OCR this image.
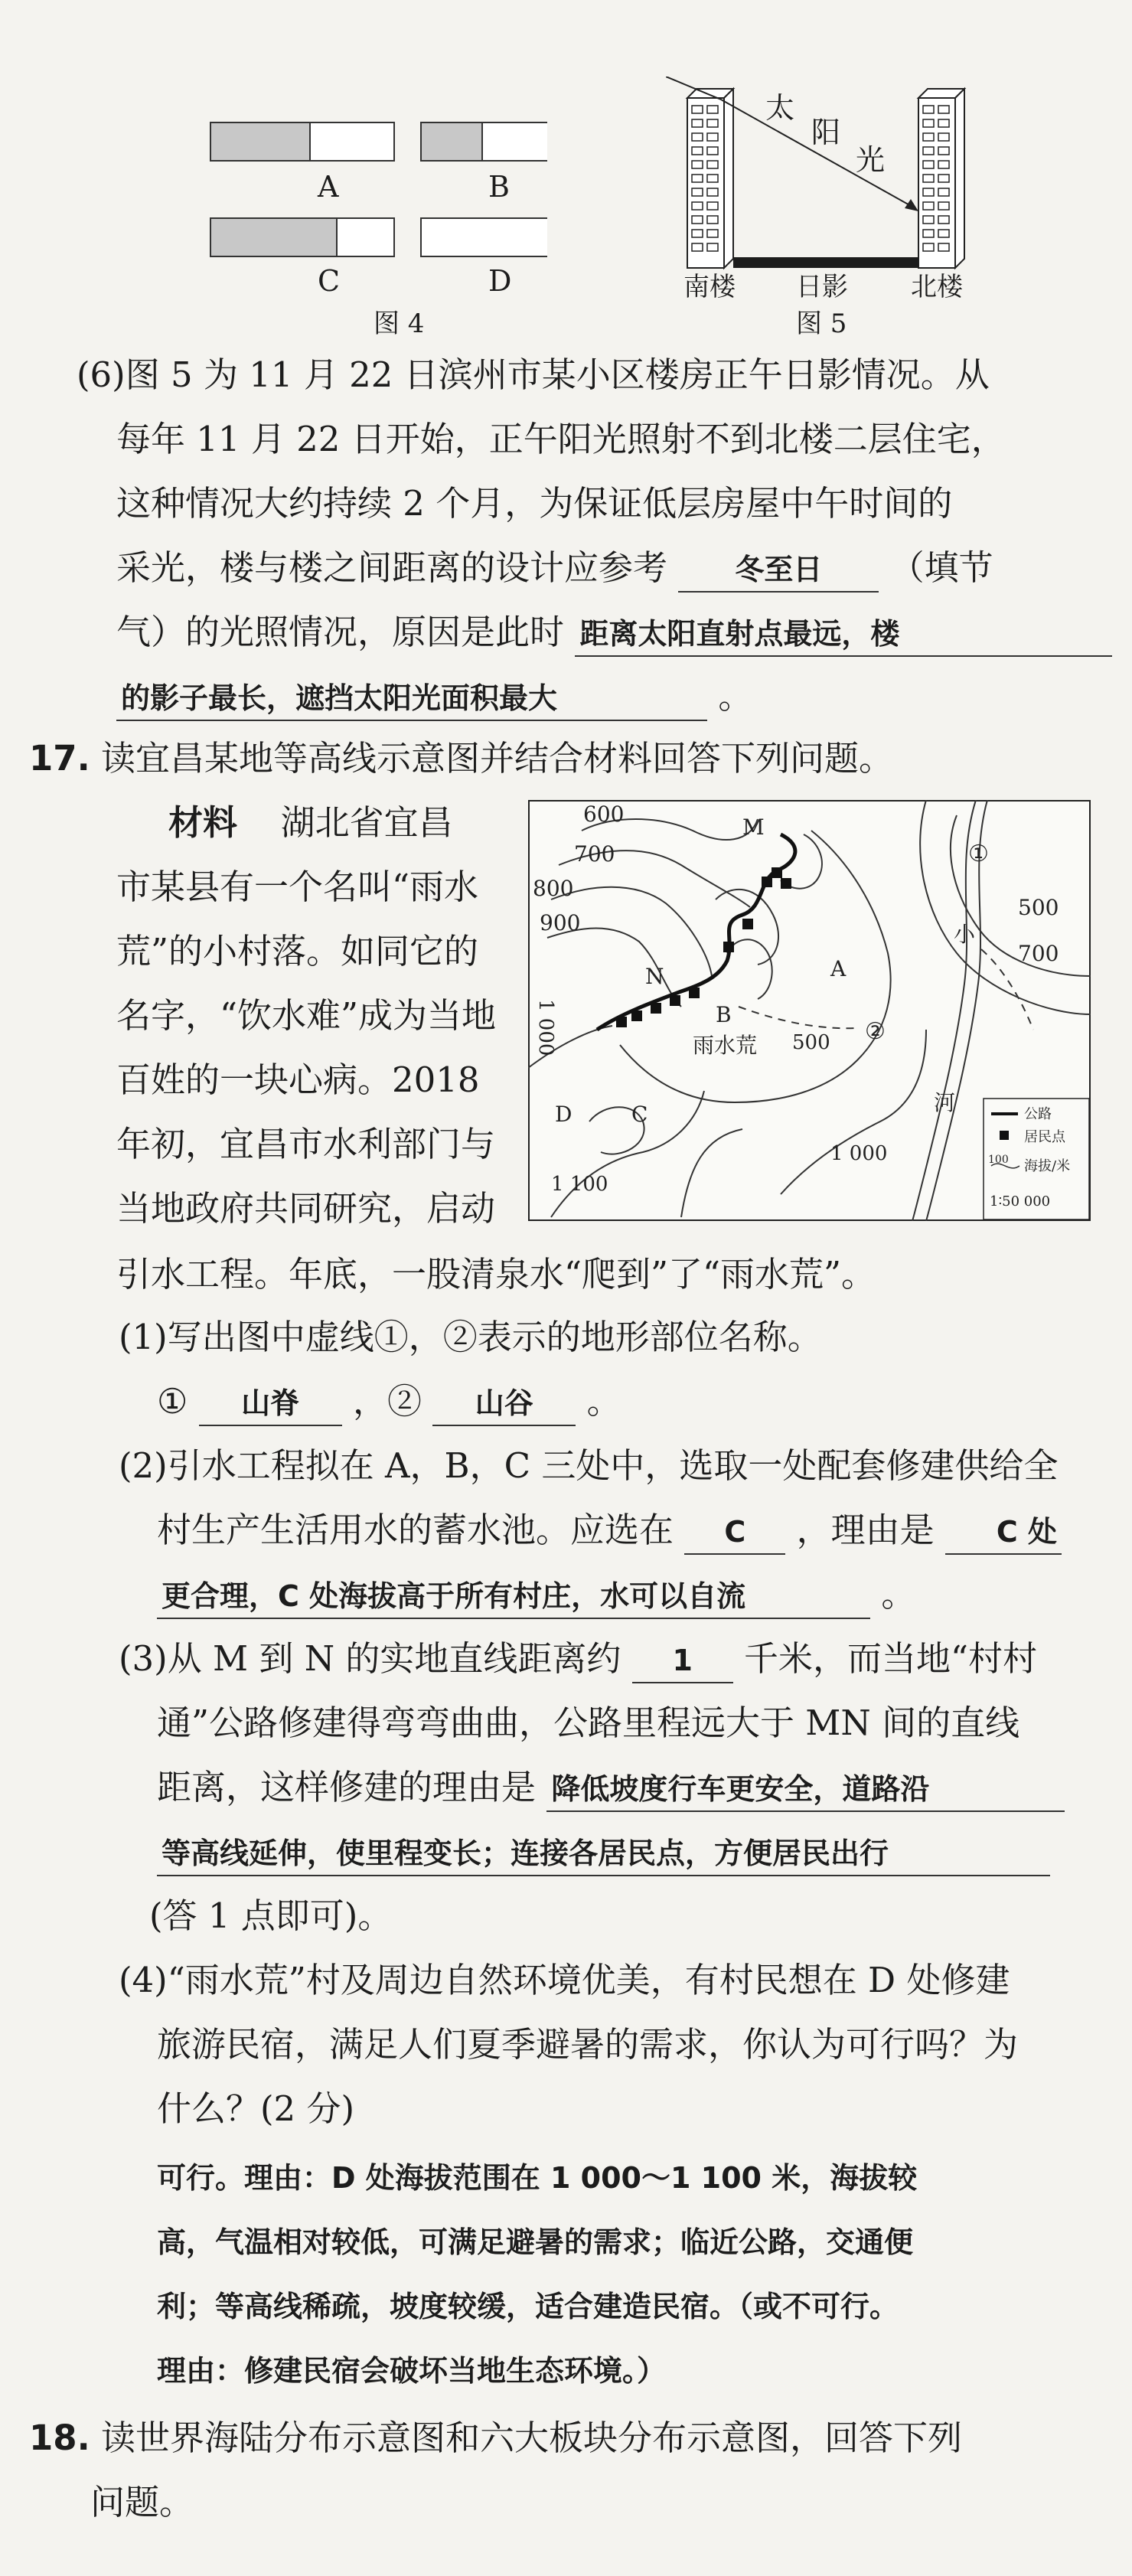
A	B
C	D
图 4
太
阳
光
南楼 日影 北楼
图 5
(6)图 5 为 11 月 22 日滨州市某小区楼房正午日影情况。从
每年 11 月 22 日开始，正午阳光照射不到北楼二层住宅，
这种情况大约持续 2 个月，为保证低层房屋中午时间的
采光，楼与楼之间距离的设计应参考 冬至日 （填节
气）的光照情况，原因是此时 距离太阳直射点最远，楼
的影子最长，遮挡太阳光面积最大	。
17. 读宜昌某地等高线示意图并结合材料回答下列问题。
材料 湖北省宜昌
市某县有一个名叫“雨水
荒”的小村落。如同它的
名字，“饮水难”成为当地
百姓的一块心病。2018
年初，宜昌市水利部门与
当地政府共同研究，启动
引水工程。年底，一股清泉水“爬到”了“雨水荒”。
600
700
800
900
500
700
500
1 000
1 000
1 100
M
N	A
B
C
D
雨水荒
小
河
①
②
公路
居民点
100 海拔/米
1∶50 000
(1)写出图中虚线①，②表示的地形部位名称。
① 山脊 ，② 山谷 。
(2)引水工程拟在 A，B，C 三处中，选取一处配套修建供给全
村生产生活用水的蓄水池。应选在 C ，理由是 C 处
更合理，C 处海拔高于所有村庄，水可以自流	。
(3)从 M 到 N 的实地直线距离约 1 千米，而当地“村村
通”公路修建得弯弯曲曲，公路里程远大于 MN 间的直线
距离，这样修建的理由是 降低坡度行车更安全，道路沿
等高线延伸，使里程变长；连接各居民点，方便居民出行
(答 1 点即可)。
(4)“雨水荒”村及周边自然环境优美，有村民想在 D 处修建
旅游民宿，满足人们夏季避暑的需求，你认为可行吗？为
什么？(2 分)
可行。理由：D 处海拔范围在 1 000～1 100 米，海拔较
高，气温相对较低，可满足避暑的需求；临近公路，交通便
利；等高线稀疏，坡度较缓，适合建造民宿。（或不可行。
理由：修建民宿会破坏当地生态环境。）
18. 读世界海陆分布示意图和六大板块分布示意图，回答下列
问题。
